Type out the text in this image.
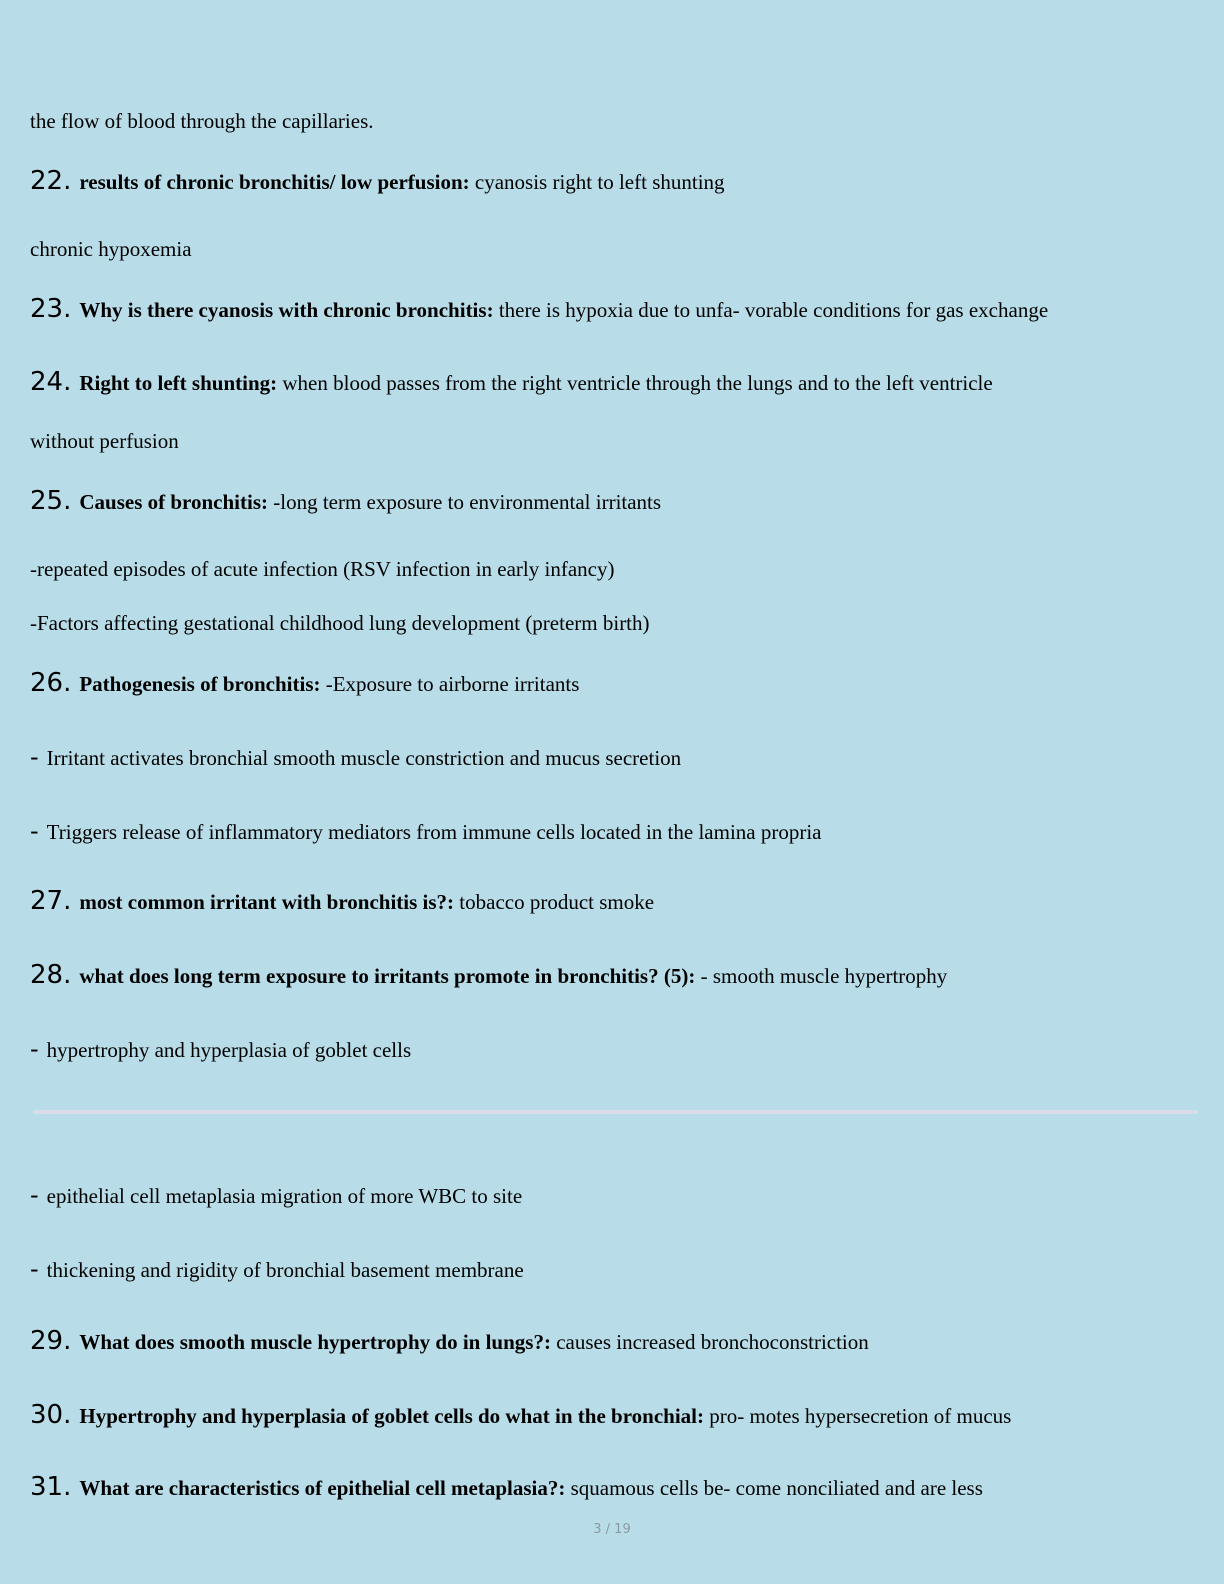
the flow of blood through the capillaries.
22. results of chronic bronchitis/ low perfusion: cyanosis right to left shunting
chronic hypoxemia
23. Why is there cyanosis with chronic bronchitis: there is hypoxia due to unfa- vorable conditions for gas exchange
24. Right to left shunting: when blood passes from the right ventricle through the lungs and to the left ventricle
without perfusion
25. Causes of bronchitis: -long term exposure to environmental irritants
-repeated episodes of acute infection (RSV infection in early infancy)
-Factors affecting gestational childhood lung development (preterm birth)
26. Pathogenesis of bronchitis: -Exposure to airborne irritants
- Irritant activates bronchial smooth muscle constriction and mucus secretion
- Triggers release of inflammatory mediators from immune cells located in the lamina propria
27. most common irritant with bronchitis is?: tobacco product smoke
28. what does long term exposure to irritants promote in bronchitis? (5): - smooth muscle hypertrophy
- hypertrophy and hyperplasia of goblet cells
- epithelial cell metaplasia migration of more WBC to site
- thickening and rigidity of bronchial basement membrane
29. What does smooth muscle hypertrophy do in lungs?: causes increased bronchoconstriction
30. Hypertrophy and hyperplasia of goblet cells do what in the bronchial: pro- motes hypersecretion of mucus
31. What are characteristics of epithelial cell metaplasia?: squamous cells be- come nonciliated and are less
3 / 19
